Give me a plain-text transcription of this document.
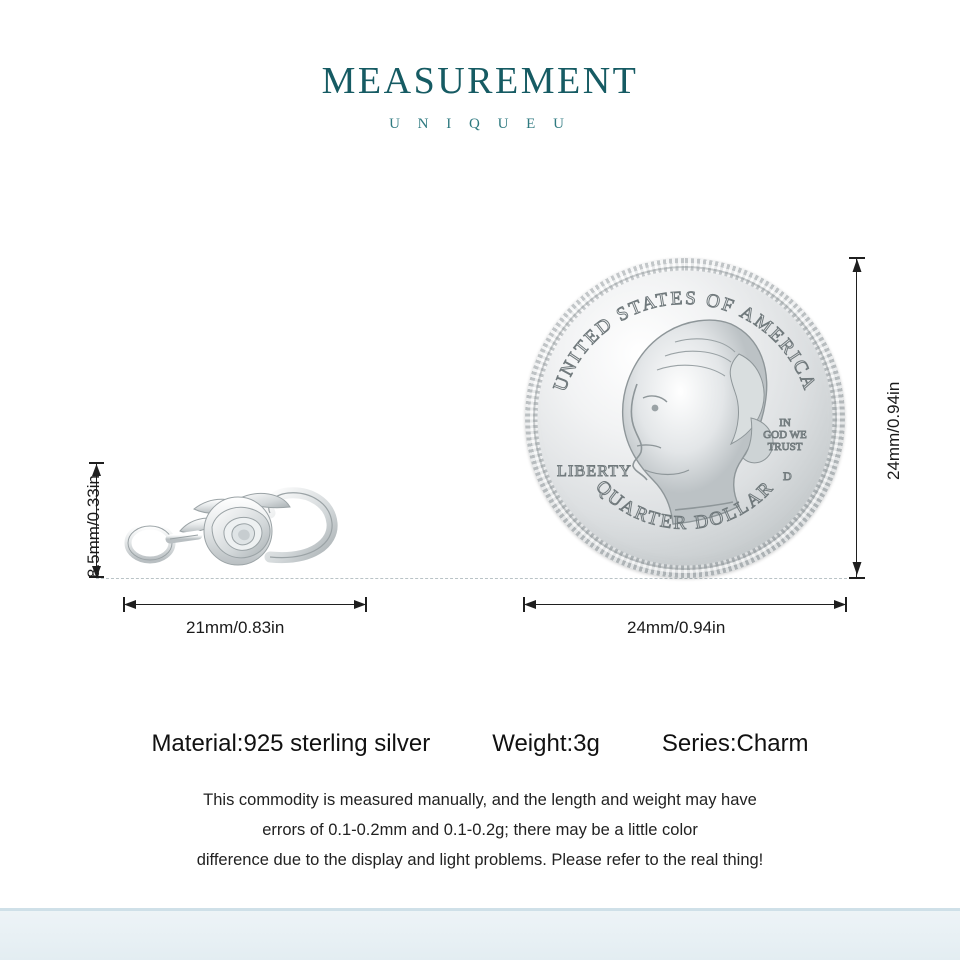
MEASUREMENT
U N I Q U E U
8.5mm/0.33in
21mm/0.83in
UNITED STATES OF AMERICA
QUARTER DOLLAR
LIBERTY
IN
GOD WE
TRUST
D	24mm/0.94in
24mm/0.94in
Material:925 sterling silver	Weight:3g	Series:Charm
This commodity is measured manually, and the length and weight may have
errors of 0.1-0.2mm and 0.1-0.2g; there may be a little color
difference due to the display and light problems. Please refer to the real thing!
